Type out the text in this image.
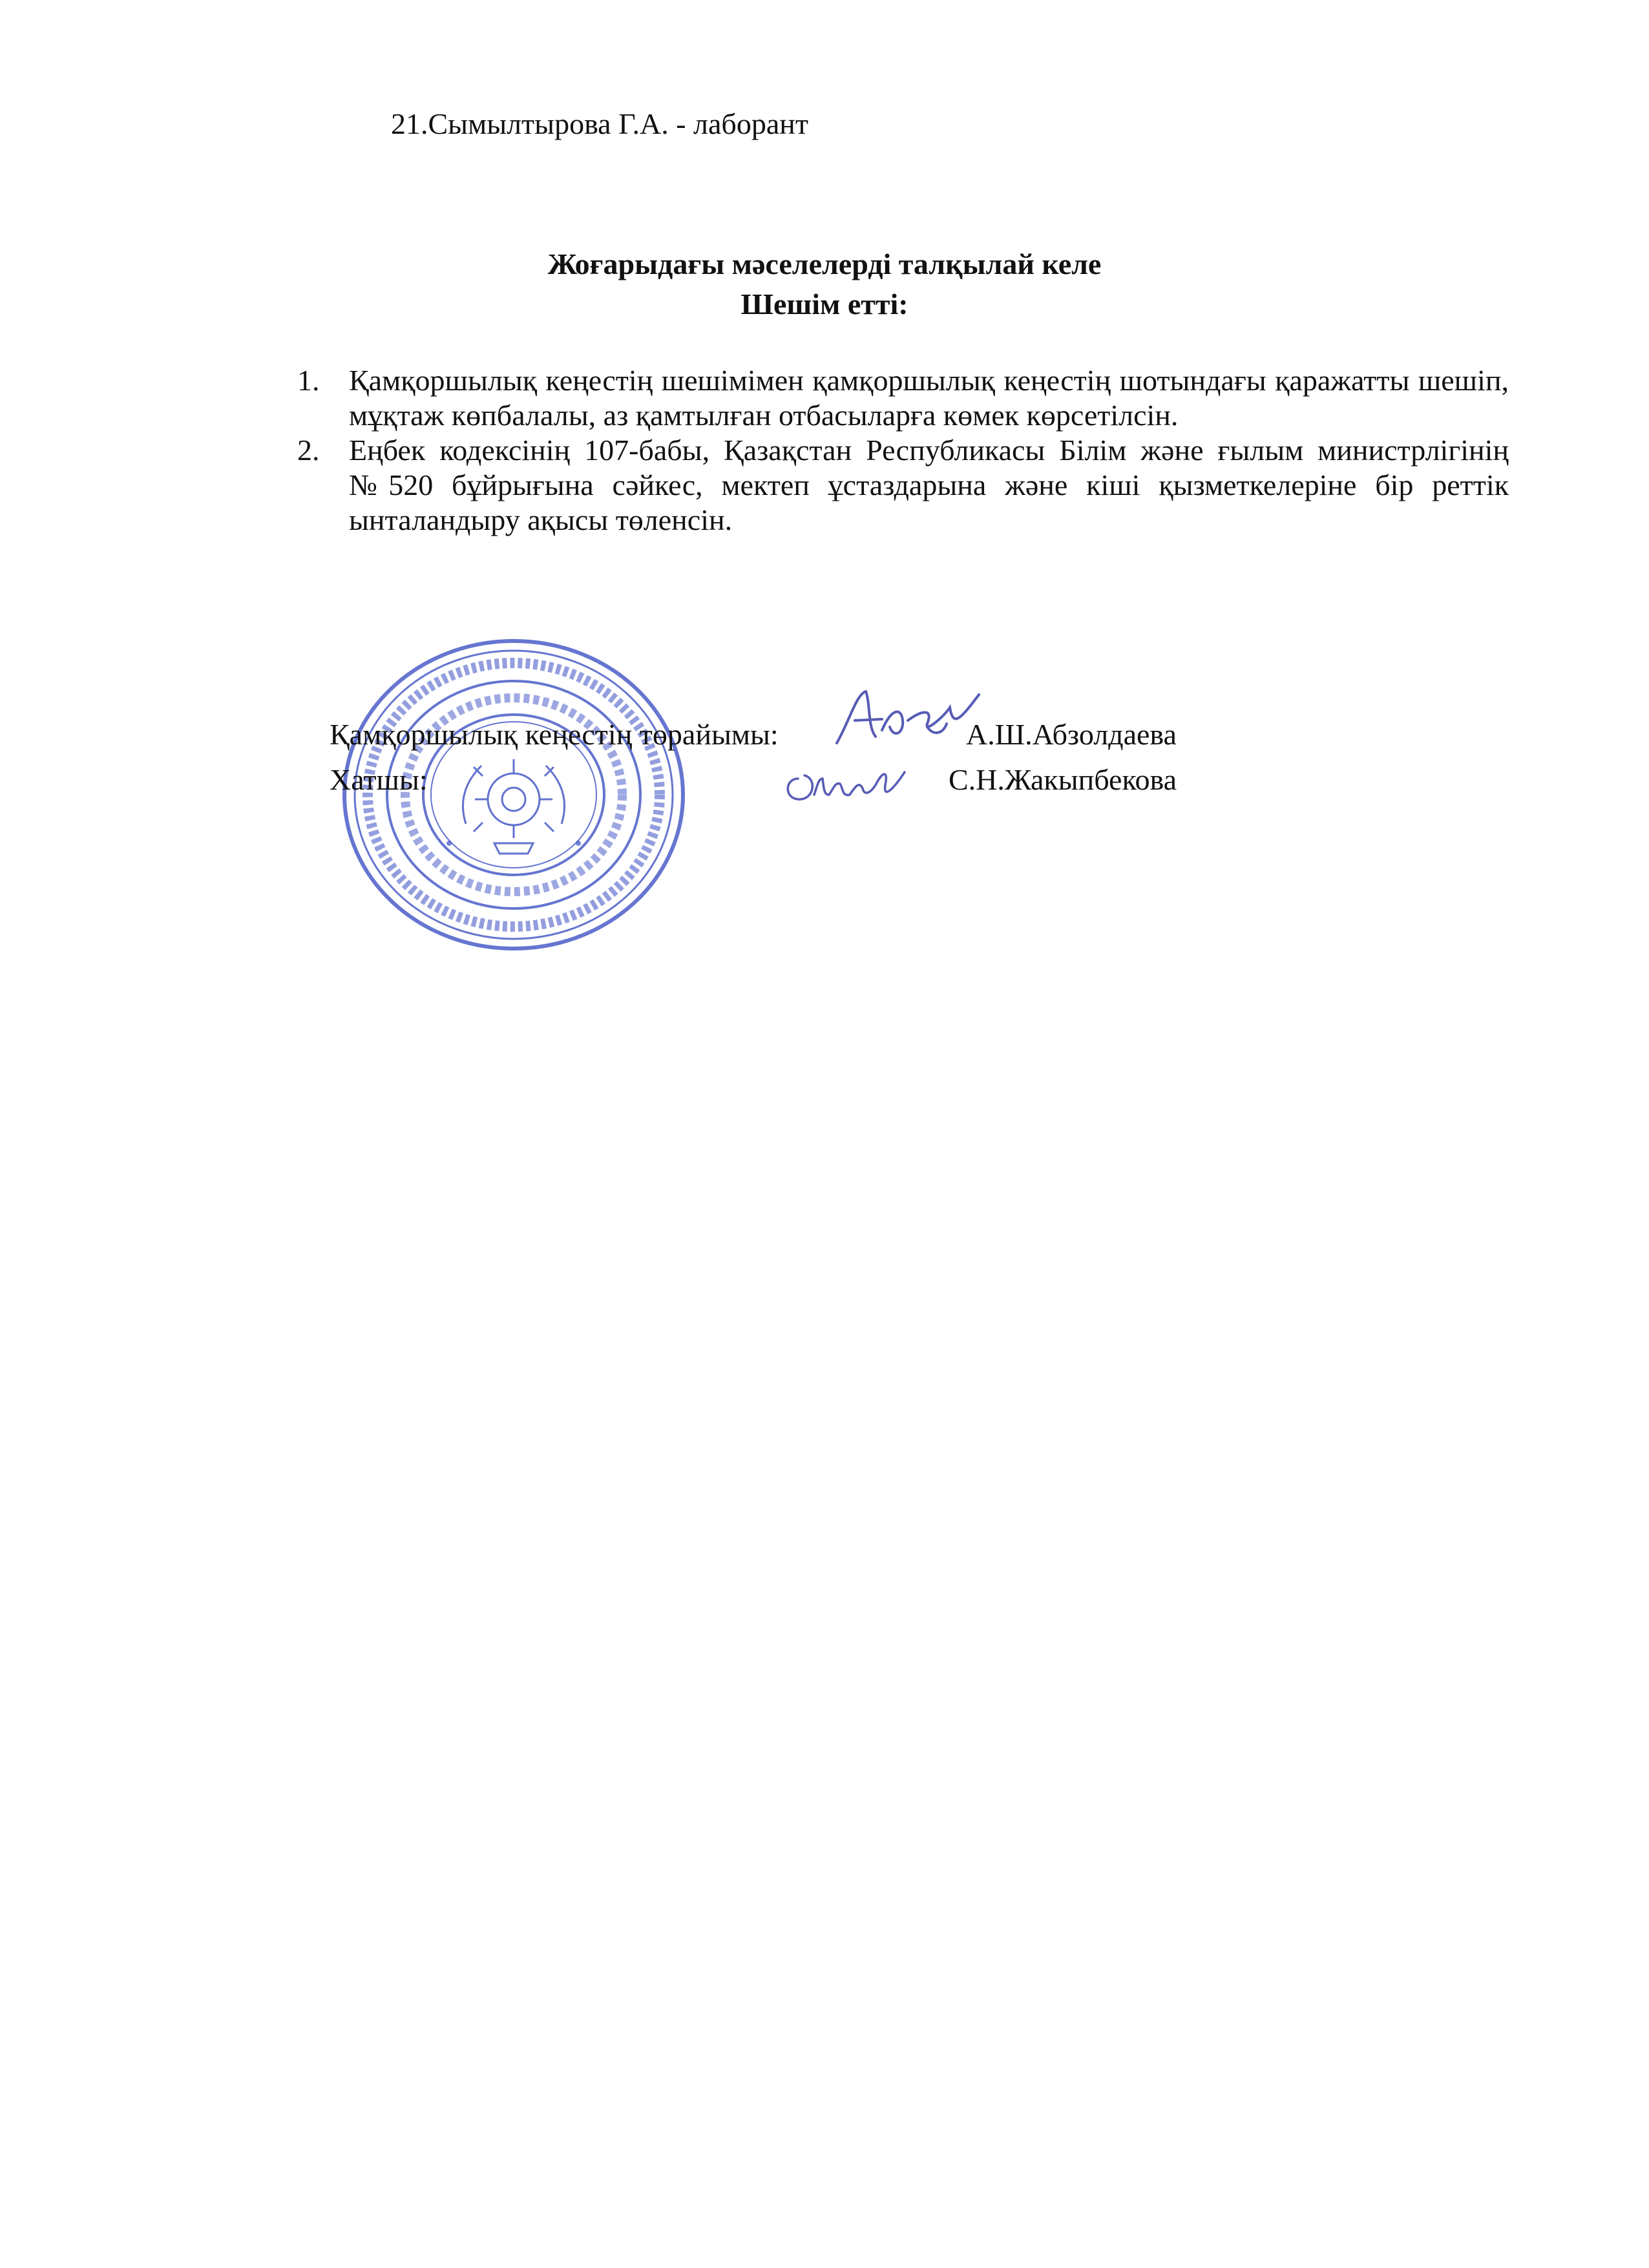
21.Сымылтырова Г.А. - лаборант
Жоғарыдағы мәселелерді талқылай келе
Шешім етті:
1. Қамқоршылық кеңестің шешімімен қамқоршылық кеңестің шотындағы қаражатты шешіп, мұқтаж көпбалалы, аз қамтылған отбасыларға көмек көрсетілсін.
2. Еңбек кодексінің 107-бабы, Қазақстан Республикасы Білім және ғылым министрлігінің №520 бұйрығына сәйкес, мектеп ұстаздарына және кіші қызметкелеріне бір реттік ынталандыру ақысы төленсін.
Қамқоршылық кеңестің төрайымы:	А.Ш.Абзолдаева
Хатшы:	С.Н.Жакыпбекова
